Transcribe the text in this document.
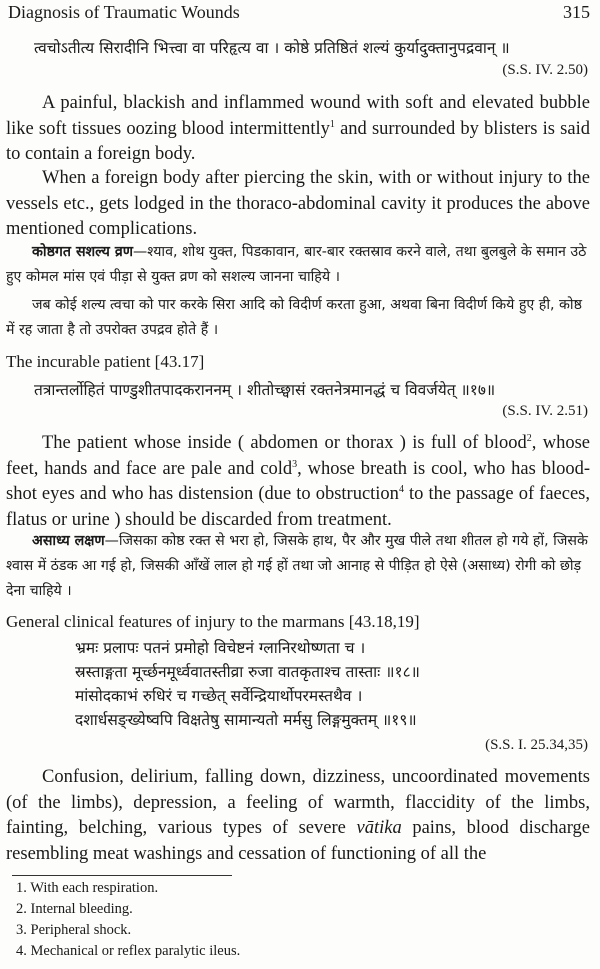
Diagnosis of Traumatic Wounds	315

त्वचोऽतीत्य सिरादीनि भित्त्वा वा परिहृत्य वा । कोष्ठे प्रतिष्ठितं शल्यं कुर्यादुक्तानुपद्रवान् ॥

(S.S. IV. 2.50)

A painful, blackish and inflammed wound with soft and elevated bubble like soft tissues oozing blood intermittently$^1$ and surrounded by blisters is said to contain a foreign body.

When a foreign body after piercing the skin, with or without injury to the vessels etc., gets lodged in the thoraco-abdominal cavity it produces the above mentioned complications.

कोष्ठगत सशल्य व्रण—श्याव, शोथ युक्त, पिडकावान, बार-बार रक्तस्राव करने वाले, तथा बुलबुले के समान उठे हुए कोमल मांस एवं पीड़ा से युक्त व्रण को सशल्य जानना चाहिये ।

जब कोई शल्य त्वचा को पार करके सिरा आदि को विदीर्ण करता हुआ, अथवा बिना विदीर्ण किये हुए ही, कोष्ठ में रह जाता है तो उपरोक्त उपद्रव होते हैं ।

The incurable patient [43.17]

तत्रान्तर्लोहितं पाण्डुशीतपादकराननम् । शीतोच्छ्वासं रक्तनेत्रमानद्धं च विवर्जयेत् ॥१७॥

(S.S. IV. 2.51)

The patient whose inside ( abdomen or thorax ) is full of blood$^2$, whose feet, hands and face are pale and cold$^3$, whose breath is cool, who has blood-shot eyes and who has distension (due to obstruction$^4$ to the passage of faeces, flatus or urine ) should be discarded from treatment.

असाध्य लक्षण—जिसका कोष्ठ रक्त से भरा हो, जिसके हाथ, पैर और मुख पीले तथा शीतल हो गये हों, जिसके श्वास में ठंडक आ गई हो, जिसकी आँखें लाल हो गई हों तथा जो आनाह से पीड़ित हो ऐसे (असाध्य) रोगी को छोड़ देना चाहिये ।

General clinical features of injury to the marmans [43.18,19]
भ्रमः प्रलापः पतनं प्रमोहो विचेष्टनं ग्लानिरथोष्णता च ।
स्रस्ताङ्गता मूर्च्छनमूर्ध्ववातस्तीव्रा रुजा वातकृताश्च तास्ताः ॥१८॥
मांसोदकाभं रुधिरं च गच्छेत् सर्वेन्द्रियार्थोपरमस्तथैव ।
दशार्धसङ्ख्येष्वपि विक्षतेषु सामान्यतो मर्मसु लिङ्गमुक्तम् ॥१९॥
(S.S. I. 25.34,35)

Confusion, delirium, falling down, dizziness, uncoordinated movements (of the limbs), depression, a feeling of warmth, flaccidity of the limbs, fainting, belching, various types of severe vātika pains, blood discharge resembling meat washings and cessation of functioning of all the

1. With each respiration.
2. Internal bleeding.
3. Peripheral shock.
4. Mechanical or reflex paralytic ileus.
